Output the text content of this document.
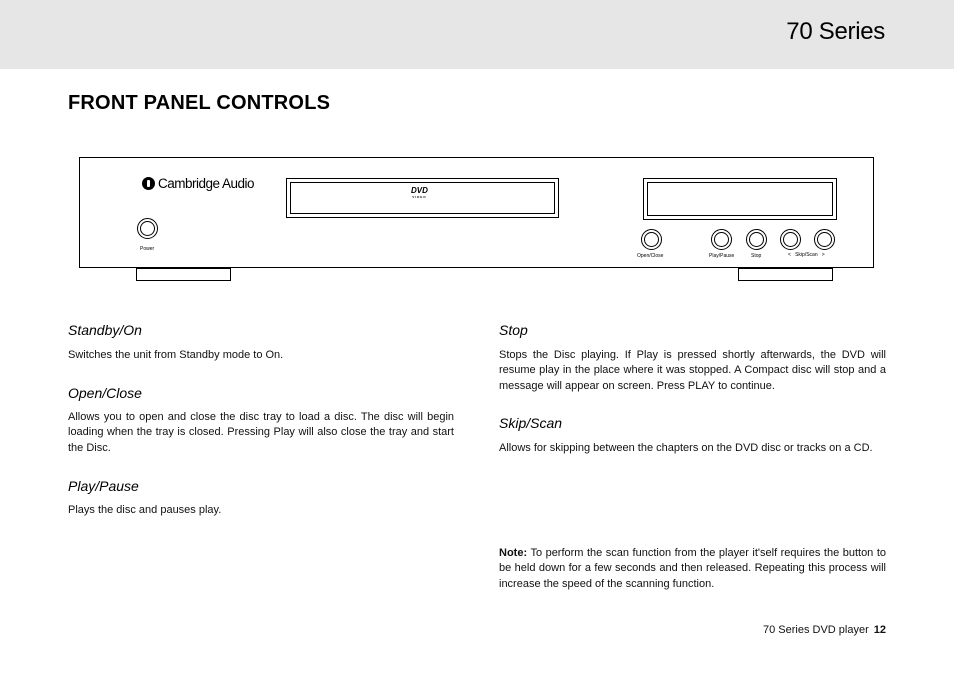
70 Series
FRONT PANEL CONTROLS
Cambridge Audio	DVD
VIDEO
Power
Open/Close	Play/Pause	Stop	<   Skip/Scan   >
Standby/On

Switches the unit from Standby mode to On.

Open/Close

Allows you to open and close the disc tray to load a disc. The disc will begin loading when the tray is closed. Pressing Play will also close the tray and start the Disc.

Play/Pause

Plays the disc and pauses play.

Stop

Stops the Disc playing. If Play is pressed shortly afterwards, the DVD will resume play in the place where it was stopped. A Compact disc will stop and a message will appear on screen. Press PLAY to continue.

Skip/Scan

Allows for skipping between the chapters on the DVD disc or tracks on a CD.

Note: To perform the scan function from the player it'self requires the button to be held down for a few seconds and then released. Repeating this process will increase the speed of the scanning function.

70 Series DVD player 12
